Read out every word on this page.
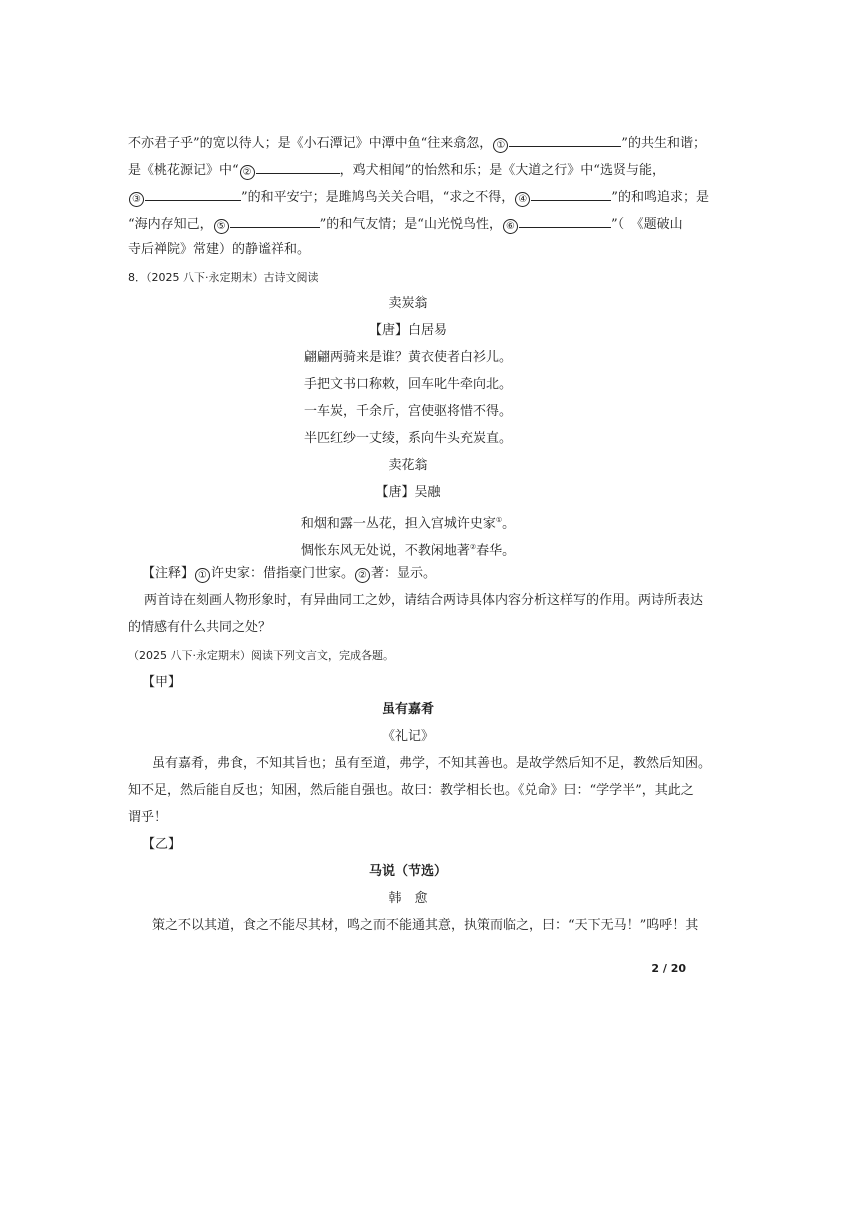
不亦君子乎”的宽以待人；是《小石潭记》中潭中鱼“往来翕忽， ①	”的共生和谐；
是《桃花源记》中“ ②	，鸡犬相闻”的怡然和乐；是《大道之行》中“选贤与能，
③	”的和平安宁；是雎鸠鸟关关合唱，“求之不得， ④	”的和鸣追求；是
“海内存知己， ⑤	”的和气友情；是“山光悦鸟性， ⑥	”（　《题破山
寺后禅院》常建）的静谧祥和。
8．（2025 八下·永定期末）古诗文阅读
卖炭翁
【唐】白居易
翩翩两骑来是谁？黄衣使者白衫儿。
手把文书口称敕，回车叱牛牵向北。
一车炭，千余斤，宫使驱将惜不得。
半匹红纱一丈绫，系向牛头充炭直。
卖花翁
【唐】吴融
和烟和露一丛花，担入宫城许史家①。
惆怅东风无处说，不教闲地著②春华。
【注释】 ① 许史家：借指豪门世家。 ② 著：显示。
两首诗在刻画人物形象时，有异曲同工之妙，请结合两诗具体内容分析这样写的作用。两诗所表达
的情感有什么共同之处？
（2025 八下·永定期末）阅读下列文言文，完成各题。
【甲】
虽有嘉肴
《礼记》
虽有嘉肴，弗食，不知其旨也；虽有至道，弗学，不知其善也。是故学然后知不足，教然后知困。
知不足，然后能自反也；知困，然后能自强也。故曰：教学相长也。《兑命》曰：“学学半”，其此之
谓乎！
【乙】
马说（节选）
韩　愈
策之不以其道，食之不能尽其材，鸣之而不能通其意，执策而临之，曰：“天下无马！”呜呼！其
2 / 20
